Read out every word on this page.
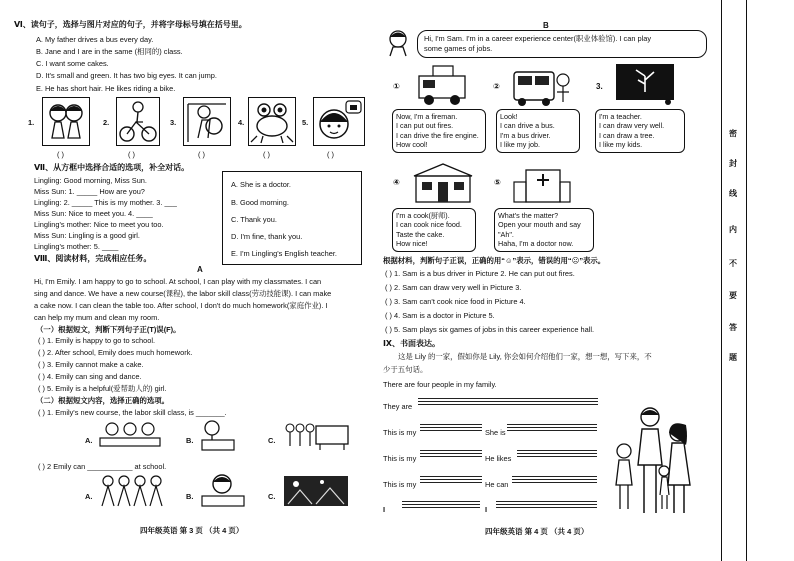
Ⅵ、读句子，选择与图片对应的句子，并将字母标号填在括号里。
A. My father drives a bus every day.
B. Jane and I are in the same (相同的) class.
C. I want some cakes.
D. It's small and green. It has two big eyes. It can jump.
E. He has short hair. He likes riding a bike.
1.	2.	3.	4.	5.
( )	( )	( )	( )	( )
Ⅶ、从方框中选择合适的选项，补全对话。
Lingling: Good morning, Miss Sun.
Miss Sun: 1. _____ How are you?
Lingling: 2. _____ This is my mother. 3. ___
Miss Sun: Nice to meet you. 4. ____
Lingling's mother: Nice to meet you too.
Miss Sun: Lingling is a good girl.
Lingling's mother: 5. ____
A. She is a doctor.
B. Good morning.
C. Thank you.
D. I'm fine, thank you.
E. I'm Lingling's English teacher.
Ⅷ、阅读材料，完成相应任务。
A
Hi, I'm Emily. I am happy to go to school. At school, I can play with my classmates. I can
sing and dance. We have a new course(课程), the labor skill class(劳动技能课). I can make
a cake now. I can clean the table too. After school, I don't do much homework(家庭作业). I
can help my mum and clean my room.
（一）根据短文，判断下列句子正(T)误(F)。
( ) 1. Emily is happy to go to school.
( ) 2. After school, Emily does much homework.
( ) 3. Emily cannot make a cake.
( ) 4. Emily can sing and dance.
( ) 5. Emily is a helpful(爱帮助人的) girl.
（二）根据短文内容，选择正确的选项。
( ) 1. Emily's new course, the labor skill class, is _______.
A.	B.	C.
( ) 2 Emily can ___________ at school.
A.	B.	C.
四年级英语 第 3 页 （共 4 页）
B
Hi, I'm Sam. I'm in a career experience center(职业体验馆). I can play
some games of jobs.
①	②	3.
Now, I'm a fireman.
I can put out fires.
I can drive the fire engine.
How cool!
Look!
I can drive a bus.
I'm a bus driver.
I like my job.
I'm a teacher.
I can draw very well.
I can draw a tree.
I like my kids.
④	⑤
I'm a cook(厨师).
I can cook nice food.
Taste the cake.
How nice!
What's the matter?
Open your mouth and say
"Ah".
Haha, I'm a doctor now.
根据材料，判断句子正误，正确的用“☺”表示，错误的用“☹”表示。
( ) 1. Sam is a bus driver in Picture 2. He can put out fires.
( ) 2. Sam can draw very well in Picture 3.
( ) 3. Sam can't cook nice food in Picture 4.
( ) 4. Sam is a doctor in Picture 5.
( ) 5. Sam plays six games of jobs in this career experience hall.
Ⅸ、书面表达。
这是 Lily 的一家，假如你是 Lily, 你会如何介绍他们一家，想一想，写下来，不
少于五句话。
There are four people in my family.
They are
This is my	She is
This is my	He likes
This is my	He can
I	I
四年级英语 第 4 页 （共 4 页）
密
封
线
内
不
要
答
题
